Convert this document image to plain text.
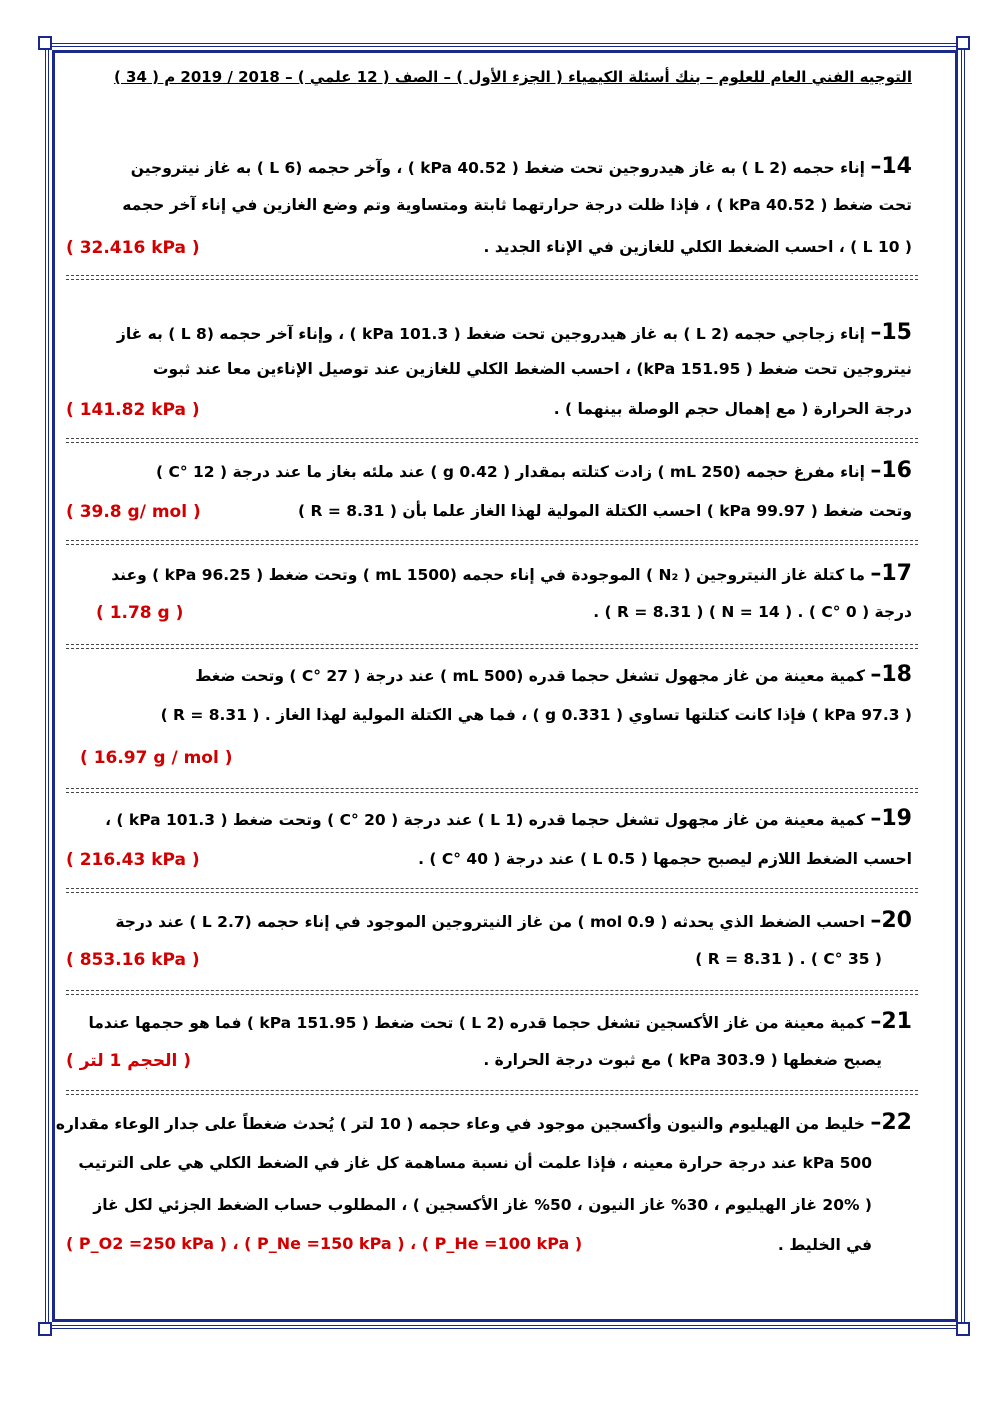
التوجيه الفني العام للعلوم – بنك أسئلة الكيمياء ( الجزء الأول ) – الصف ( 12 علمي ) – 2018 / 2019 م ( 34 )
14– إناء حجمه (L 2 ) به غاز هيدروجين تحت ضغط ( 40.52 kPa ) ، وآخر حجمه (L 6 ) به غاز نيتروجين
تحت ضغط ( 40.52 kPa ) ، فإذا ظلت درجة حرارتهما ثابتة ومتساوية وتم وضع الغازين في إناء آخر حجمه
( 10 L ) ، احسب الضغط الكلي للغازين في الإناء الجديد .
( 32.416 kPa )
15– إناء زجاجي حجمه (L 2 ) به غاز هيدروجين تحت ضغط ( 101.3 kPa ) ، وإناء آخر حجمه (L 8 ) به غاز
نيتروجين تحت ضغط ( 151.95 kPa) ، احسب الضغط الكلي للغازين عند توصيل الإناءين معا عند ثبوت
درجة الحرارة ( مع إهمال حجم الوصلة بينهما ) .
( 141.82 kPa )
16– إناء مفرغ حجمه (mL 250 ) زادت كتلته بمقدار ( 0.42 g ) عند ملئه بغاز ما عند درجة ( 12 °C )
وتحت ضغط ( 99.97 kPa ) احسب الكتلة المولية لهذا الغاز علما بأن ( R = 8.31 )
( 39.8 g/ mol )
17– ما كتلة غاز النيتروجين ( N₂ ) الموجودة في إناء حجمه (mL 1500 ) وتحت ضغط ( 96.25 kPa ) وعند
درجة ( 0 °C ) . ( N = 14 ) ( R = 8.31 ) .
( 1.78 g )
18– كمية معينة من غاز مجهول تشغل حجما قدره (mL 500 ) عند درجة ( 27 °C ) وتحت ضغط
( 97.3 kPa ) فإذا كانت كتلتها تساوي ( 0.331 g ) ، فما هي الكتلة المولية لهذا الغاز . ( R = 8.31 )
( 16.97 g / mol )
19– كمية معينة من غاز مجهول تشغل حجما قدره (L 1 ) عند درجة ( 20 °C ) وتحت ضغط ( 101.3 kPa ) ،
احسب الضغط اللازم ليصبح حجمها ( 0.5 L ) عند درجة ( 40 °C ) .
( 216.43 kPa )
20– احسب الضغط الذي يحدثه ( 0.9 mol ) من غاز النيتروجين الموجود في إناء حجمه (L 2.7 ) عند درجة
( 35 °C ) . ( R = 8.31 )
( 853.16 kPa )
21– كمية معينة من غاز الأكسجين تشغل حجما قدره (L 2 ) تحت ضغط ( 151.95 kPa ) فما هو حجمها عندما
يصبح ضغطها ( 303.9 kPa ) مع ثبوت درجة الحرارة .
( الحجم 1 لتر )
22– خليط من الهيليوم والنيون وأكسجين موجود في وعاء حجمه ( 10 لتر ) يُحدث ضغطاً على جدار الوعاء مقداره
500 kPa عند درجة حرارة معينه ، فإذا علمت أن نسبة مساهمة كل غاز في الضغط الكلي هي على الترتيب
( 20% غاز الهيليوم ، 30% غاز النيون ، 50% غاز الأكسجين ) ، المطلوب حساب الضغط الجزئي لكل غاز
في الخليط .
( P_O2 =250 kPa ) ، ( P_Ne =150 kPa ) ، ( P_He =100 kPa )
